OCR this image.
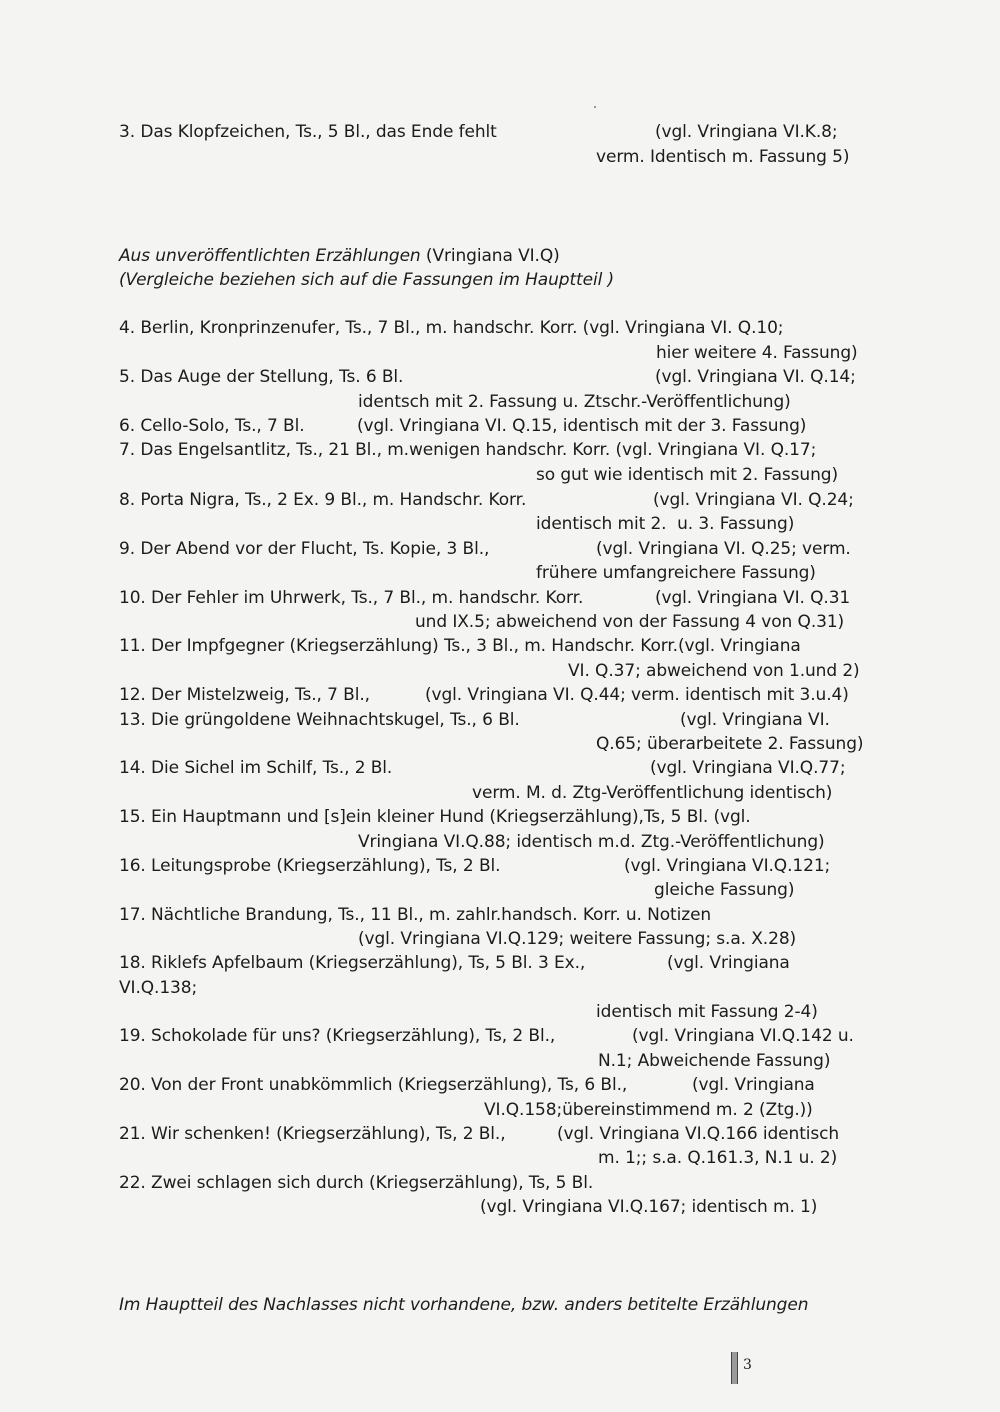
3. Das Klopfzeichen, Ts., 5 Bl., das Ende fehlt	(vgl. Vringiana VI.K.8;
verm. Identisch m. Fassung 5)
Aus unveröffentlichten Erzählungen (Vringiana VI.Q)
(Vergleiche beziehen sich auf die Fassungen im Hauptteil )
4. Berlin, Kronprinzenufer, Ts., 7 Bl., m. handschr. Korr. (vgl. Vringiana VI. Q.10;
hier weitere 4. Fassung)
5. Das Auge der Stellung, Ts. 6 Bl.	(vgl. Vringiana VI. Q.14;
identsch mit 2. Fassung u. Ztschr.-Veröffentlichung)
6. Cello-Solo, Ts., 7 Bl.	(vgl. Vringiana VI. Q.15, identisch mit der 3. Fassung)
7. Das Engelsantlitz, Ts., 21 Bl., m.wenigen handschr. Korr. (vgl. Vringiana VI. Q.17;
so gut wie identisch mit 2. Fassung)
8. Porta Nigra, Ts., 2 Ex. 9 Bl., m. Handschr. Korr.	(vgl. Vringiana VI. Q.24;
identisch mit 2.  u. 3. Fassung)
9. Der Abend vor der Flucht, Ts. Kopie, 3 Bl.,	(vgl. Vringiana VI. Q.25; verm.
frühere umfangreichere Fassung)
10. Der Fehler im Uhrwerk, Ts., 7 Bl., m. handschr. Korr.	(vgl. Vringiana VI. Q.31
und IX.5; abweichend von der Fassung 4 von Q.31)
11. Der Impfgegner (Kriegserzählung) Ts., 3 Bl., m. Handschr. Korr.(vgl. Vringiana
VI. Q.37; abweichend von 1.und 2)
12. Der Mistelzweig, Ts., 7 Bl.,	(vgl. Vringiana VI. Q.44; verm. identisch mit 3.u.4)
13. Die grüngoldene Weihnachtskugel, Ts., 6 Bl.	(vgl. Vringiana VI.
Q.65; überarbeitete 2. Fassung)
14. Die Sichel im Schilf, Ts., 2 Bl.	(vgl. Vringiana VI.Q.77;
verm. M. d. Ztg-Veröffentlichung identisch)
15. Ein Hauptmann und [s]ein kleiner Hund (Kriegserzählung),Ts, 5 Bl. (vgl.
Vringiana VI.Q.88; identisch m.d. Ztg.-Veröffentlichung)
16. Leitungsprobe (Kriegserzählung), Ts, 2 Bl.	(vgl. Vringiana VI.Q.121;
gleiche Fassung)
17. Nächtliche Brandung, Ts., 11 Bl., m. zahlr.handsch. Korr. u. Notizen
(vgl. Vringiana VI.Q.129; weitere Fassung; s.a. X.28)
18. Riklefs Apfelbaum (Kriegserzählung), Ts, 5 Bl. 3 Ex.,	(vgl. Vringiana
VI.Q.138;
identisch mit Fassung 2-4)
19. Schokolade für uns? (Kriegserzählung), Ts, 2 Bl.,	(vgl. Vringiana VI.Q.142 u.
N.1; Abweichende Fassung)
20. Von der Front unabkömmlich (Kriegserzählung), Ts, 6 Bl.,	(vgl. Vringiana
VI.Q.158;übereinstimmend m. 2 (Ztg.))
21. Wir schenken! (Kriegserzählung), Ts, 2 Bl.,	(vgl. Vringiana VI.Q.166 identisch
m. 1;; s.a. Q.161.3, N.1 u. 2)
22. Zwei schlagen sich durch (Kriegserzählung), Ts, 5 Bl.
(vgl. Vringiana VI.Q.167; identisch m. 1)
Im Hauptteil des Nachlasses nicht vorhandene, bzw. anders betitelte Erzählungen
3
